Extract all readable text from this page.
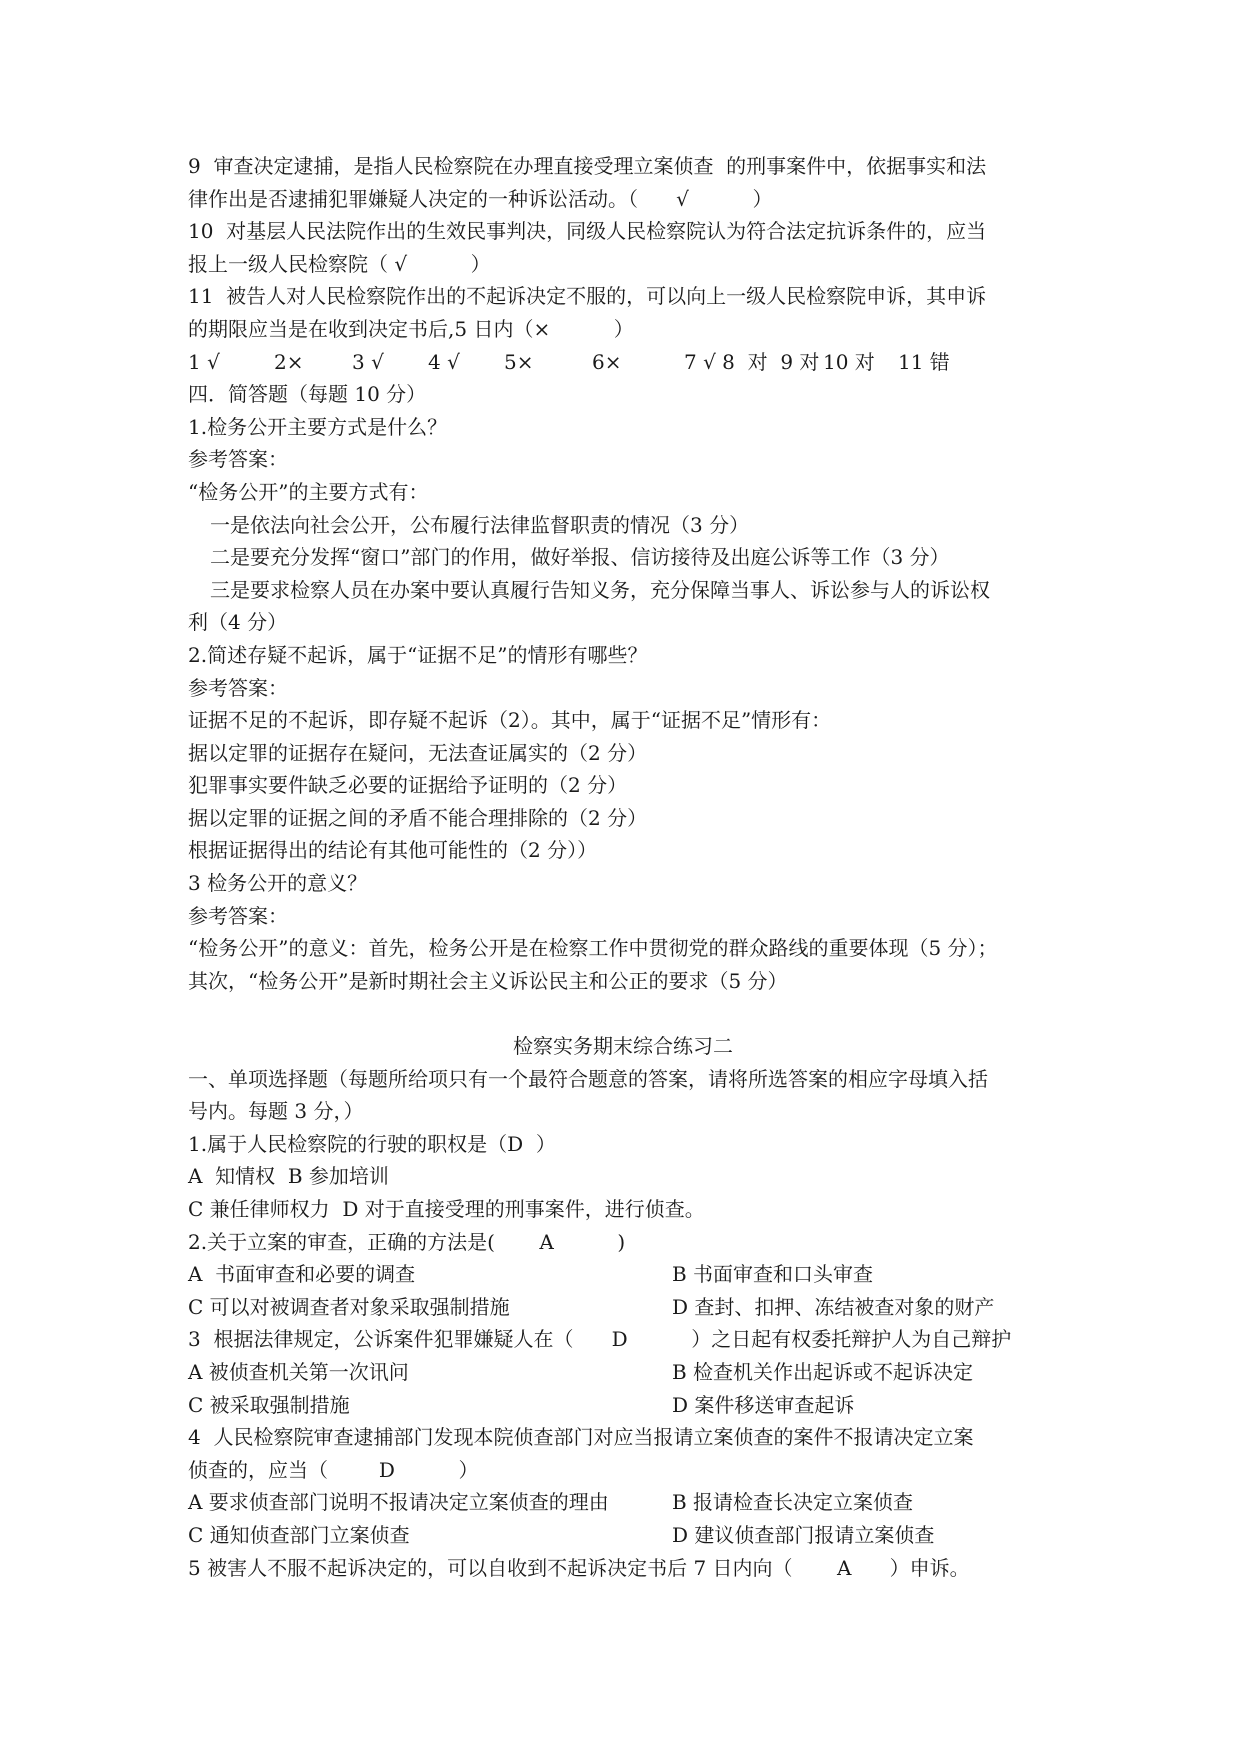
9  审查决定逮捕，是指人民检察院在办理直接受理立案侦查  的刑事案件中，依据事实和法
律作出是否逮捕犯罪嫌疑人决定的一种诉讼活动。（      √          ）
10  对基层人民法院作出的生效民事判决，同级人民检察院认为符合法定抗诉条件的，应当
报上一级人民检察院（ √          ）
11  被告人对人民检察院作出的不起诉决定不服的，可以向上一级人民检察院申诉，其申诉
的期限应当是在收到决定书后,5 日内（×          ）

1 √

	2×

3 √

4 √

5×

	6×

	7 √ 8  对  9 对

10 对

11 错

四．简答题（每题 10 分）
1.检务公开主要方式是什么？
参考答案：
“检务公开”的主要方式有：
一是依法向社会公开，公布履行法律监督职责的情况（3 分）
二是要充分发挥“窗口”部门的作用，做好举报、信访接待及出庭公诉等工作（3 分）
三是要求检察人员在办案中要认真履行告知义务，充分保障当事人、诉讼参与人的诉讼权
利（4 分）
2.简述存疑不起诉，属于“证据不足”的情形有哪些？
参考答案：
证据不足的不起诉，即存疑不起诉（2）。其中，属于“证据不足”情形有：
据以定罪的证据存在疑问，无法查证属实的（2 分）
犯罪事实要件缺乏必要的证据给予证明的（2 分）
据以定罪的证据之间的矛盾不能合理排除的（2 分）
根据证据得出的结论有其他可能性的（2 分））
3 检务公开的意义？
参考答案：
“检务公开”的意义：首先，检务公开是在检察工作中贯彻党的群众路线的重要体现（5 分）；
其次，“检务公开”是新时期社会主义诉讼民主和公正的要求（5 分）
检察实务期末综合练习二
一、单项选择题（每题所给项只有一个最符合题意的答案，请将所选答案的相应字母填入括
号内。每题 3 分，）
1.属于人民检察院的行驶的职权是（D  ）
A  知情权  B 参加培训
C 兼任律师权力  D 对于直接受理的刑事案件，进行侦查。
2.关于立案的审查，正确的方法是(       A          )
A  书面审查和必要的调查	B 书面审查和口头审查
C 可以对被调查者对象采取强制措施	D 查封、扣押、冻结被查对象的财产
3  根据法律规定，公诉案件犯罪嫌疑人在（      D          ）之日起有权委托辩护人为自己辩护
A 被侦查机关第一次讯问	B 检查机关作出起诉或不起诉决定
C 被采取强制措施	D 案件移送审查起诉
4  人民检察院审查逮捕部门发现本院侦查部门对应当报请立案侦查的案件不报请决定立案
侦查的，应当（        D          ）
A 要求侦查部门说明不报请决定立案侦查的理由	B 报请检查长决定立案侦查
C 通知侦查部门立案侦查	D 建议侦查部门报请立案侦查
5 被害人不服不起诉决定的，可以自收到不起诉决定书后 7 日内向（       A      ）申诉。
